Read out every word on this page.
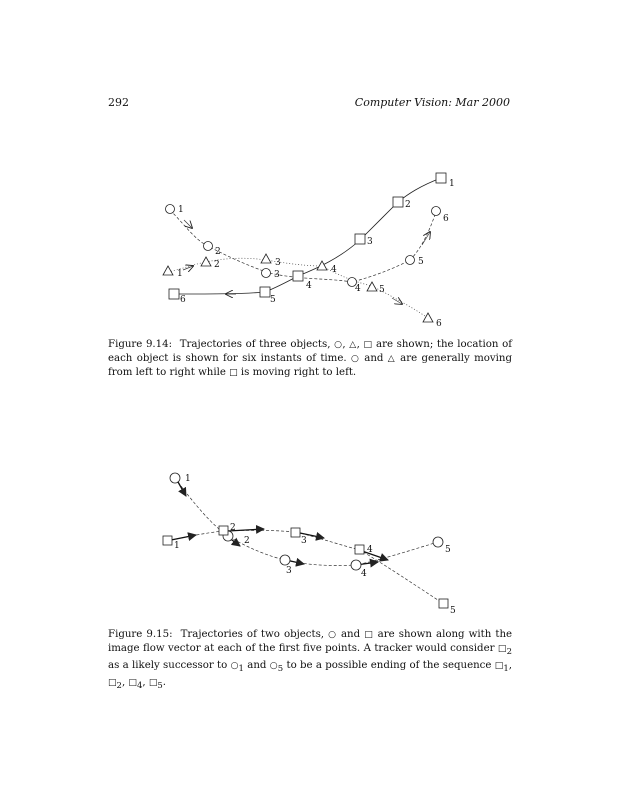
292	Computer Vision: Mar 2000
1
2
3
4
5
6
1
2	3
4
5
6
1
2
3
4
5
6
1
2
3	4
5
1	2	3
4
5
Figure 9.14: Trajectories of three objects, ○, △, □ are shown; the location of each object is shown for six instants of time. ○ and △ are generally moving from left to right while □ is moving right to left.
Figure 9.15: Trajectories of two objects, ○ and □ are shown along with the image flow vector at each of the first five points. A tracker would consider $□_2$ as a likely successor to $○_1$ and $○_5$ to be a possible ending of the sequence $□_1$, $□_2$, $□_4$, $□_5$.
